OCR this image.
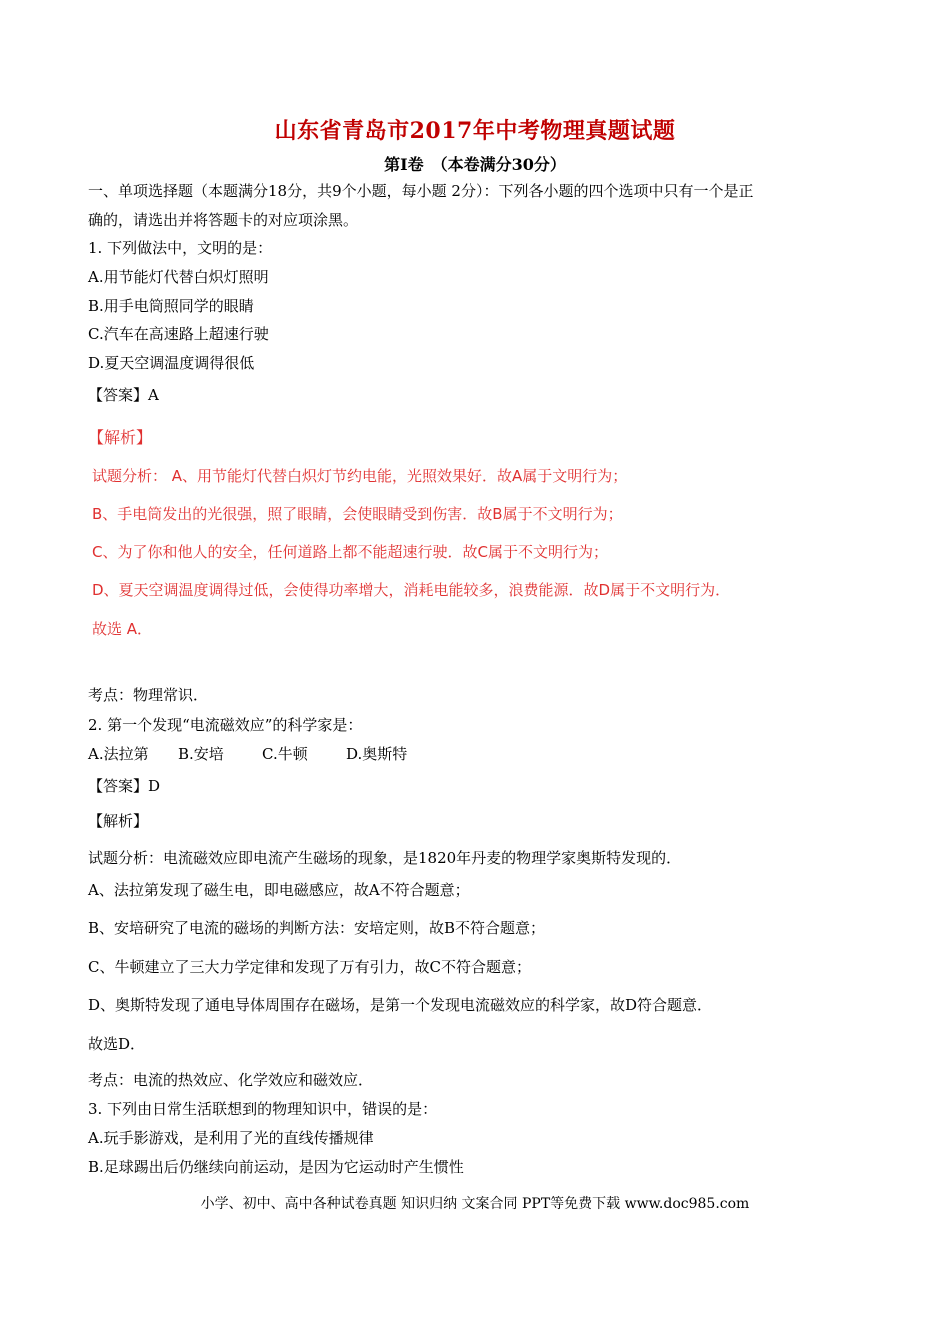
山东省青岛市2017年中考物理真题试题
第Ⅰ卷　（本卷满分30分）
一、单项选择题（本题满分18分，共9个小题，每小题 2分）：下列各小题的四个选项中只有一个是正
确的，请选出并将答题卡的对应项涂黑。
1. 下列做法中，文明的是：
A.用节能灯代替白炽灯照明
B.用手电筒照同学的眼睛
C.汽车在高速路上超速行驶
D.夏天空调温度调得很低
【答案】A
【解析】
试题分析： A、用节能灯代替白炽灯节约电能，光照效果好．故A属于文明行为；
B、手电筒发出的光很强，照了眼睛，会使眼睛受到伤害．故B属于不文明行为；
C、为了你和他人的安全，任何道路上都不能超速行驶．故C属于不文明行为；
D、夏天空调温度调得过低，会使得功率增大，消耗电能较多，浪费能源．故D属于不文明行为．
故选 A．
考点：物理常识．
2. 第一个发现“电流磁效应”的科学家是：
A.法拉第 B.安培	C.牛顿	D.奥斯特
【答案】D
【解析】
试题分析：电流磁效应即电流产生磁场的现象，是1820年丹麦的物理学家奥斯特发现的．
A、法拉第发现了磁生电，即电磁感应，故A不符合题意；
B、安培研究了电流的磁场的判断方法：安培定则，故B不符合题意；
C、牛顿建立了三大力学定律和发现了万有引力，故C不符合题意；
D、奥斯特发现了通电导体周围存在磁场，是第一个发现电流磁效应的科学家，故D符合题意．
故选D．
考点：电流的热效应、化学效应和磁效应．
3. 下列由日常生活联想到的物理知识中，错误的是：
A.玩手影游戏，是利用了光的直线传播规律
B.足球踢出后仍继续向前运动，是因为它运动时产生惯性
小学、初中、高中各种试卷真题 知识归纳 文案合同 PPT等免费下载 www.doc985.com
